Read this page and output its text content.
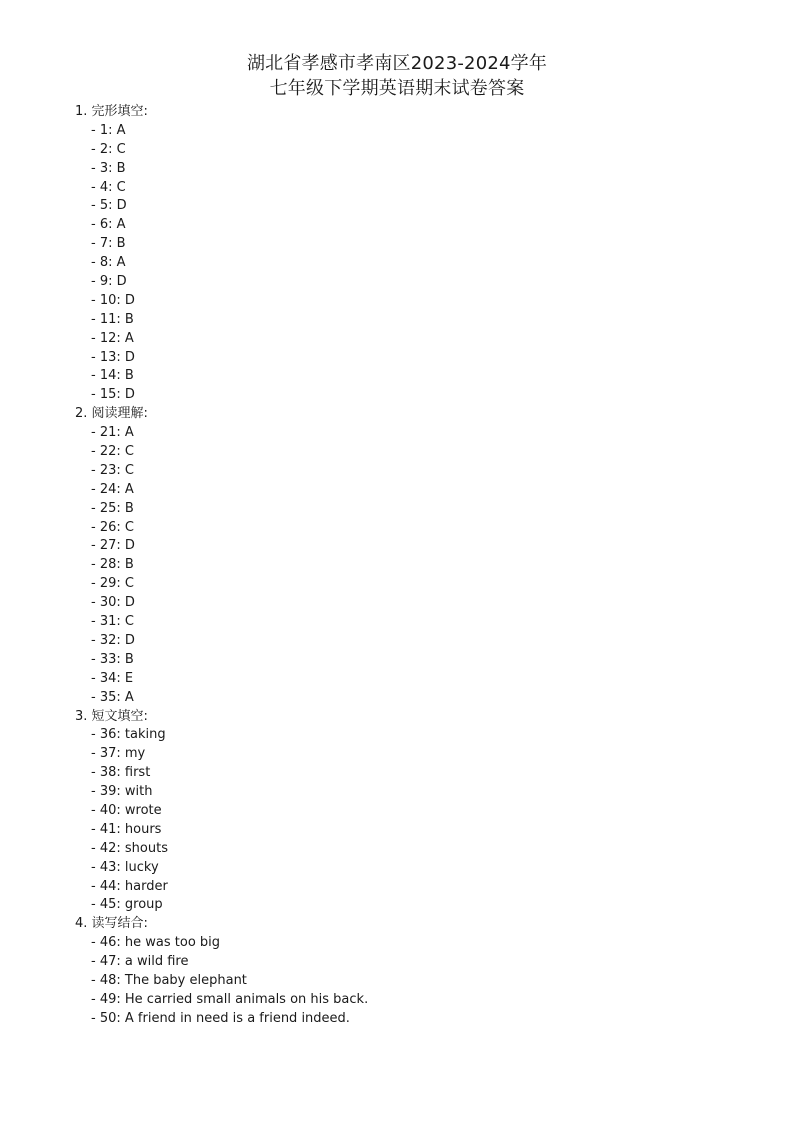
湖北省孝感市孝南区2023-2024学年
七年级下学期英语期末试卷答案
1. 完形填空:
- 1: A
- 2: C
- 3: B
- 4: C
- 5: D
- 6: A
- 7: B
- 8: A
- 9: D
- 10: D
- 11: B
- 12: A
- 13: D
- 14: B
- 15: D
2. 阅读理解:
- 21: A
- 22: C
- 23: C
- 24: A
- 25: B
- 26: C
- 27: D
- 28: B
- 29: C
- 30: D
- 31: C
- 32: D
- 33: B
- 34: E
- 35: A
3. 短文填空:
- 36: taking
- 37: my
- 38: first
- 39: with
- 40: wrote
- 41: hours
- 42: shouts
- 43: lucky
- 44: harder
- 45: group
4. 读写结合:
- 46: he was too big
- 47: a wild fire
- 48: The baby elephant
- 49: He carried small animals on his back.
- 50: A friend in need is a friend indeed.
